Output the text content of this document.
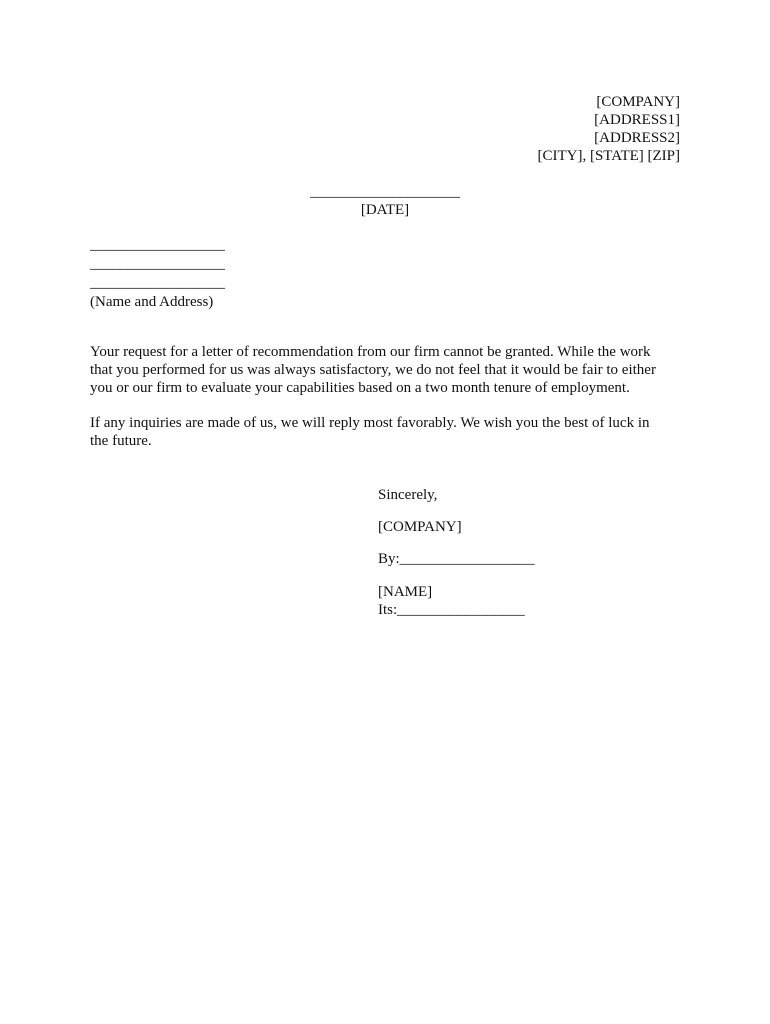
[COMPANY]
[ADDRESS1]
[ADDRESS2]
[CITY], [STATE] [ZIP]
____________________
[DATE]
__________________
__________________
__________________
(Name and Address)

Your request for a letter of recommendation from our firm cannot be granted. While the work that you performed for us was always satisfactory, we do not feel that it would be fair to either you or our firm to evaluate your capabilities based on a two month tenure of employment.

If any inquiries are made of us, we will reply most favorably. We wish you the best of luck in the future.

Sincerely,
[COMPANY]
By:__________________
[NAME]
Its:_________________
